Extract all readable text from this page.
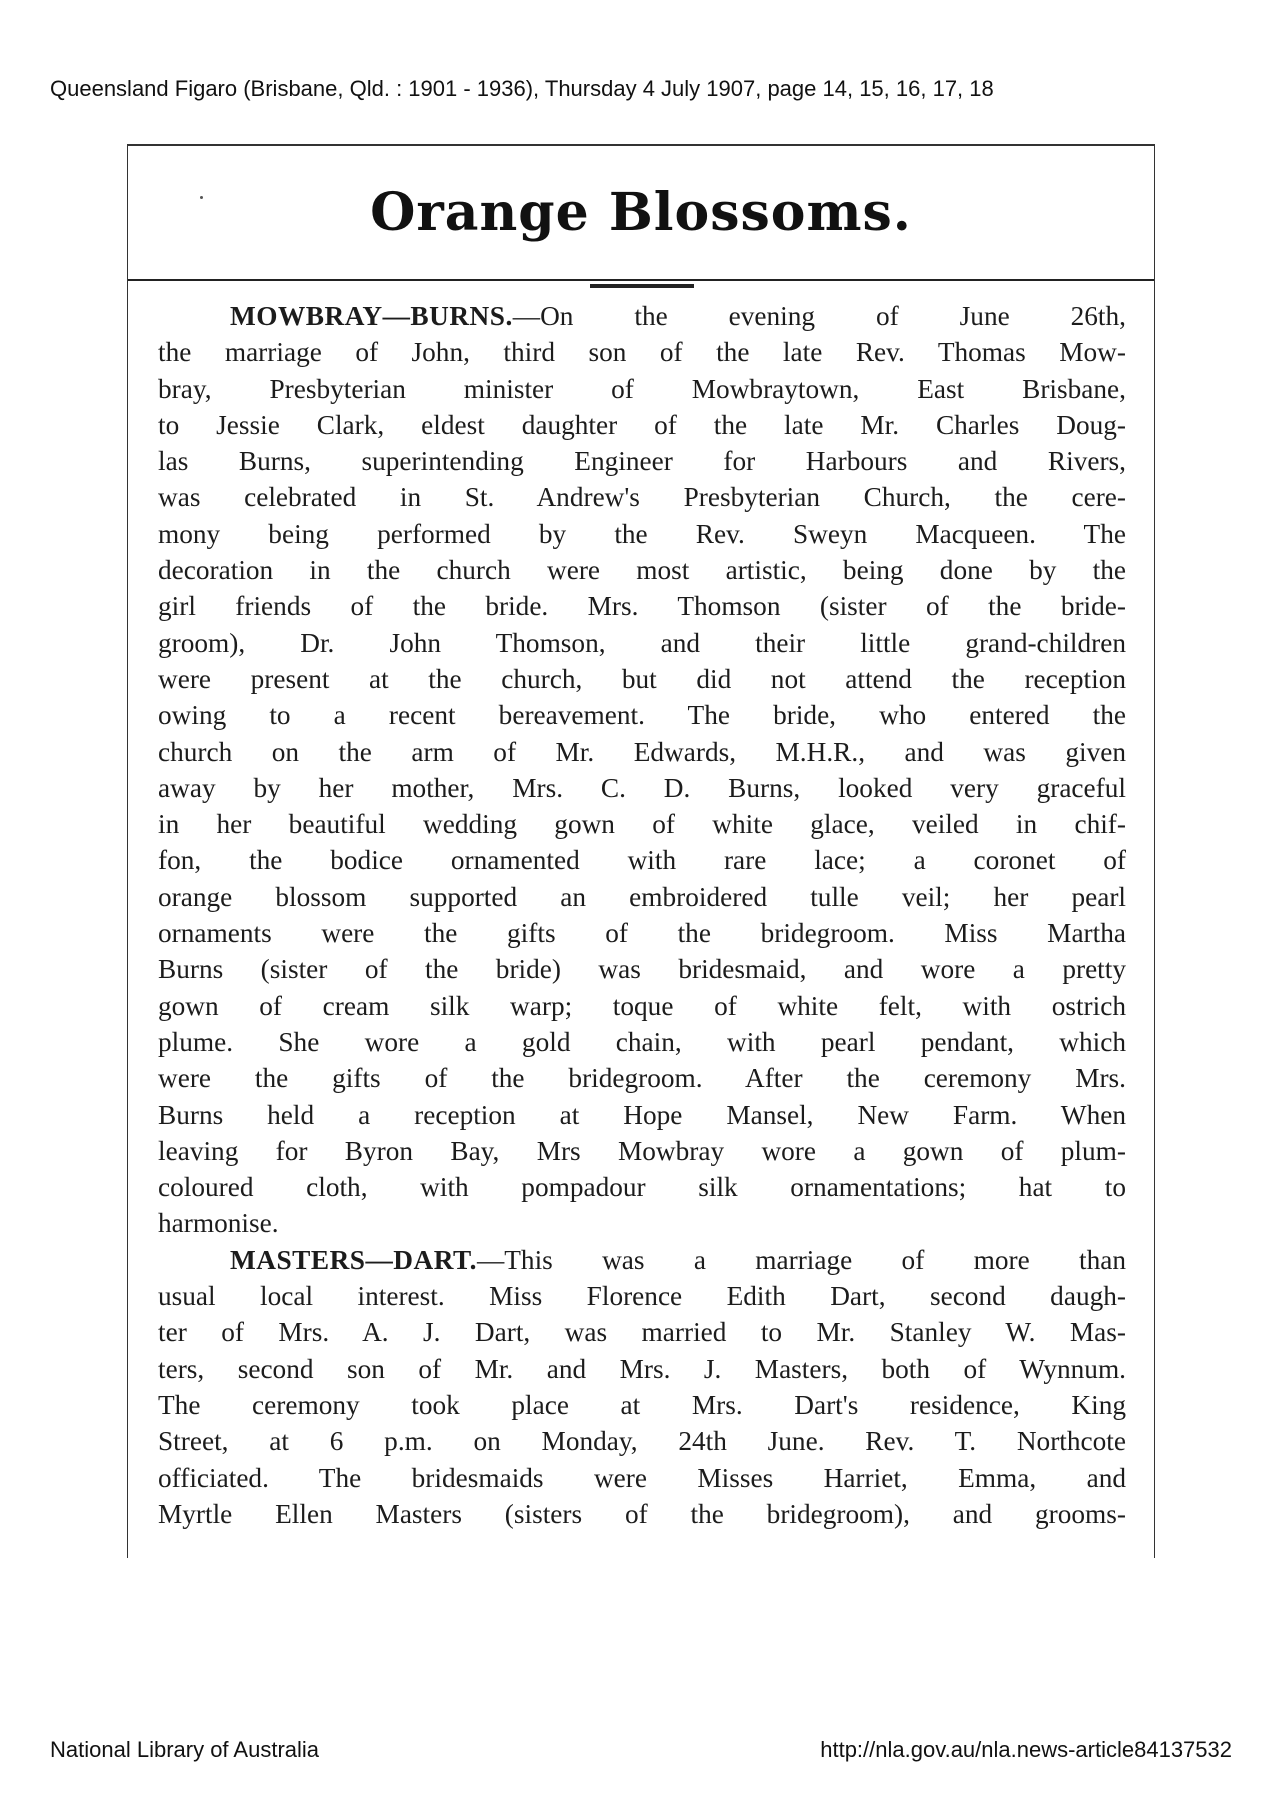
Queensland Figaro (Brisbane, Qld. : 1901 - 1936), Thursday 4 July 1907, page 14, 15, 16, 17, 18
Orange Blossoms.
MOWBRAY—BURNS.—On the evening of June 26th,
the marriage of John, third son of the late Rev. Thomas Mow-
bray, Presbyterian minister of Mowbraytown, East Brisbane,
to Jessie Clark, eldest daughter of the late Mr. Charles Doug-
las Burns, superintending Engineer for Harbours and Rivers,
was celebrated in St. Andrew's Presbyterian Church, the cere-
mony being performed by the Rev. Sweyn Macqueen. The
decoration in the church were most artistic, being done by the
girl friends of the bride. Mrs. Thomson (sister of the bride-
groom), Dr. John Thomson, and their little grand-children
were present at the church, but did not attend the reception
owing to a recent bereavement. The bride, who entered the
church on the arm of Mr. Edwards, M.H.R., and was given
away by her mother, Mrs. C. D. Burns, looked very graceful
in her beautiful wedding gown of white glace, veiled in chif-
fon, the bodice ornamented with rare lace; a coronet of
orange blossom supported an embroidered tulle veil; her pearl
ornaments were the gifts of the bridegroom. Miss Martha
Burns (sister of the bride) was bridesmaid, and wore a pretty
gown of cream silk warp; toque of white felt, with ostrich
plume. She wore a gold chain, with pearl pendant, which
were the gifts of the bridegroom. After the ceremony Mrs.
Burns held a reception at Hope Mansel, New Farm. When
leaving for Byron Bay, Mrs Mowbray wore a gown of plum-
coloured cloth, with pompadour silk ornamentations; hat to
harmonise.
MASTERS—DART.—This was a marriage of more than
usual local interest. Miss Florence Edith Dart, second daugh-
ter of Mrs. A. J. Dart, was married to Mr. Stanley W. Mas-
ters, second son of Mr. and Mrs. J. Masters, both of Wynnum.
The ceremony took place at Mrs. Dart's residence, King
Street, at 6 p.m. on Monday, 24th June. Rev. T. Northcote
officiated. The bridesmaids were Misses Harriet, Emma, and
Myrtle Ellen Masters (sisters of the bridegroom), and grooms-
National Library of Australia	http://nla.gov.au/nla.news-article84137532
